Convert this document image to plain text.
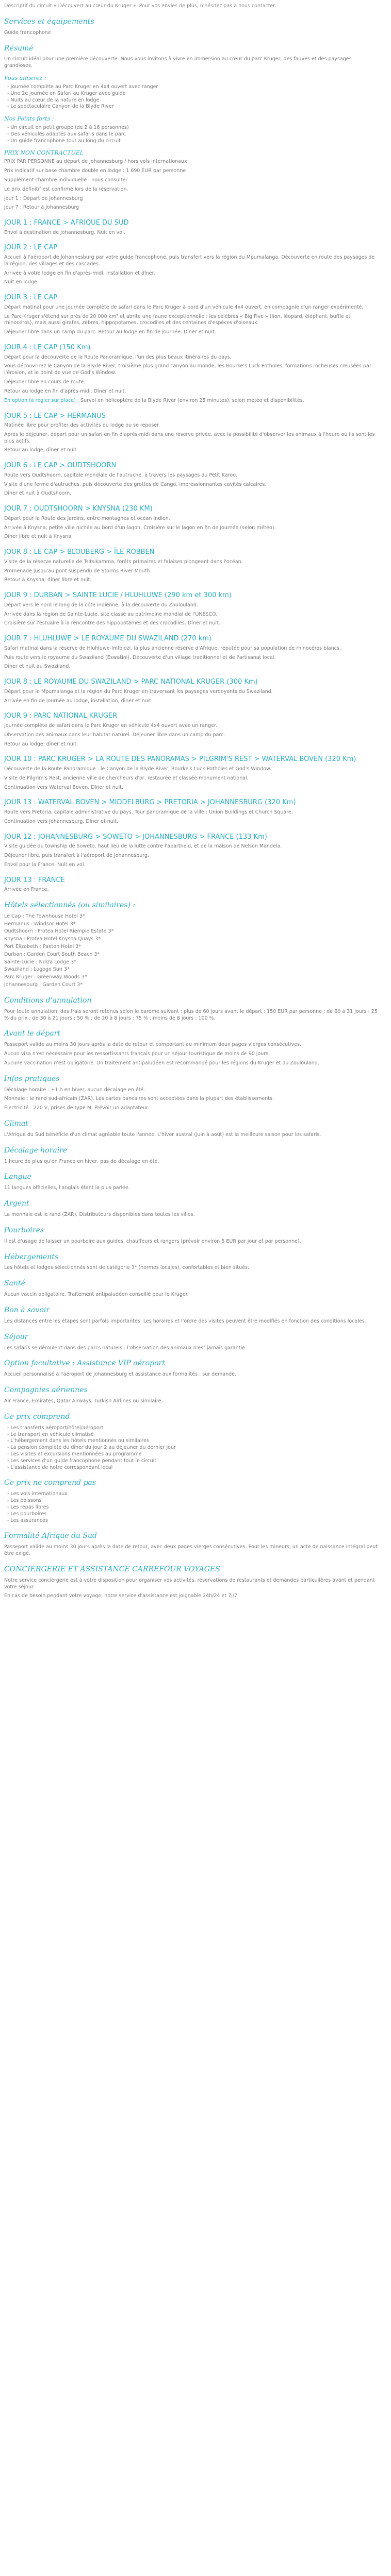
Descriptif du circuit « Découvert au cœur du Kruger ». Pour vos envies de plus, n'hésitez pas à nous contacter.

Services et équipements
Guide francophone
Résumé

Un circuit idéal pour une première découverte. Nous vous invitons à vivre en immersion au cœur du parc Kruger, des fauves et des paysages grandioses.

Vous aimerez :
- Journée complète au Parc Kruger en 4x4 ouvert avec ranger
- Une 2e journée en Safari au Kruger avec guide
- Nuits au cœur de la nature en lodge
- Le spectaculaire Canyon de la Blyde River
Nos Points forts :
- Un circuit en petit groupe (de 2 à 16 personnes)
- Des véhicules adaptés aux safaris dans le parc
- Un guide francophone tout au long du circuit
PRIX NON CONTRACTUEL

PRIX PAR PERSONNE au départ de Johannesburg / hors vols internationaux

Prix indicatif sur base chambre double en lodge : 1 690 EUR par personne

Supplément chambre individuelle : nous consulter

Le prix définitif est confirmé lors de la réservation.

Jour 1 : Départ de Johannesburg

Jour 7 : Retour à Johannesburg

JOUR 1 : FRANCE > AFRIQUE DU SUD

Envol à destination de Johannesburg. Nuit en vol.

JOUR 2 : LE CAP

Accueil à l'aéroport de Johannesburg par votre guide francophone, puis transfert vers la région du Mpumalanga. Découverte en route des paysages de la région, des villages et des cascades.

Arrivée à votre lodge en fin d'après-midi, installation et dîner.

Nuit en lodge.

JOUR 3 : LE CAP

Départ matinal pour une journée complète de safari dans le Parc Kruger à bord d'un véhicule 4x4 ouvert, en compagnie d'un ranger expérimenté.

Le Parc Kruger s'étend sur près de 20 000 km² et abrite une faune exceptionnelle : les célèbres « Big Five » (lion, léopard, éléphant, buffle et rhinocéros), mais aussi girafes, zèbres, hippopotames, crocodiles et des centaines d'espèces d'oiseaux.

Déjeuner libre dans un camp du parc. Retour au lodge en fin de journée. Dîner et nuit.

JOUR 4 : LE CAP (150 Km)

Départ pour la découverte de la Route Panoramique, l'un des plus beaux itinéraires du pays.

Vous découvrirez le Canyon de la Blyde River, troisième plus grand canyon au monde, les Bourke's Luck Potholes, formations rocheuses creusées par l'érosion, et le point de vue de God's Window.

Déjeuner libre en cours de route.

Retour au lodge en fin d'après-midi. Dîner et nuit.

En option (à régler sur place) : Survol en hélicoptère de la Blyde River (environ 25 minutes), selon météo et disponibilités.

JOUR 5 : LE CAP > HERMANUS

Matinée libre pour profiter des activités du lodge ou se reposer.

Après le déjeuner, départ pour un safari en fin d'après-midi dans une réserve privée, avec la possibilité d'observer les animaux à l'heure où ils sont les plus actifs.

Retour au lodge, dîner et nuit.

JOUR 6 : LE CAP > OUDTSHOORN

Route vers Oudtshoorn, capitale mondiale de l'autruche, à travers les paysages du Petit Karoo.

Visite d'une ferme d'autruches, puis découverte des grottes de Cango, impressionnantes cavités calcaires.

Dîner et nuit à Oudtshoorn.

JOUR 7 : OUDTSHOORN > KNYSNA (230 KM)

Départ pour la Route des Jardins, entre montagnes et océan Indien.

Arrivée à Knysna, petite ville nichée au bord d'un lagon. Croisière sur le lagon en fin de journée (selon météo).

Dîner libre et nuit à Knysna.

JOUR 8 : LE CAP > BLOUBERG > ÎLE ROBBEN

Visite de la réserve naturelle de Tsitsikamma, forêts primaires et falaises plongeant dans l'océan.

Promenade jusqu'au pont suspendu de Storms River Mouth.

Retour à Knysna, dîner libre et nuit.

JOUR 9 : DURBAN > SAINTE LUCIE / HLUHLUWE (290 km et 300 km)

Départ vers le nord le long de la côte indienne, à la découverte du Zoulouland.

Arrivée dans la région de Sainte-Lucie, site classé au patrimoine mondial de l'UNESCO.

Croisière sur l'estuaire à la rencontre des hippopotames et des crocodiles. Dîner et nuit.

JOUR 7 : HLUHLUWE > LE ROYAUME DU SWAZILAND (270 km)

Safari matinal dans la réserve de Hluhluwe-Imfolozi, la plus ancienne réserve d'Afrique, réputée pour sa population de rhinocéros blancs.

Puis route vers le royaume du Swaziland (Eswatini). Découverte d'un village traditionnel et de l'artisanat local.

Dîner et nuit au Swaziland.

JOUR 8 : LE ROYAUME DU SWAZILAND > PARC NATIONAL KRUGER (300 Km)

Départ pour le Mpumalanga et la région du Parc Kruger en traversant les paysages verdoyants du Swaziland.

Arrivée en fin de journée au lodge, installation, dîner et nuit.

JOUR 9 : PARC NATIONAL KRUGER

Journée complète de safari dans le Parc Kruger en véhicule 4x4 ouvert avec un ranger.

Observation des animaux dans leur habitat naturel. Déjeuner libre dans un camp du parc.

Retour au lodge, dîner et nuit.

JOUR 10 : PARC KRUGER > LA ROUTE DES PANORAMAS > PILGRIM'S REST > WATERVAL BOVEN (320 Km)

Découverte de la Route Panoramique : le Canyon de la Blyde River, Bourke's Luck Potholes et God's Window.

Visite de Pilgrim's Rest, ancienne ville de chercheurs d'or, restaurée et classée monument national.

Continuation vers Waterval Boven. Dîner et nuit.

JOUR 13 : WATERVAL BOVEN > MIDDELBURG > PRETORIA > JOHANNESBURG (320 Km)

Route vers Pretoria, capitale administrative du pays. Tour panoramique de la ville : Union Buildings et Church Square.

Continuation vers Johannesburg. Dîner et nuit.

JOUR 12 : JOHANNESBURG > SOWETO > JOHANNESBURG > FRANCE (133 Km)

Visite guidée du township de Soweto, haut lieu de la lutte contre l'apartheid, et de la maison de Nelson Mandela.

Déjeuner libre, puis transfert à l'aéroport de Johannesburg.

Envol pour la France. Nuit en vol.

JOUR 13 : FRANCE

Arrivée en France.

Hôtels sélectionnés (ou similaires) :
Le Cap : The Townhouse Hotel 3*
Hermanus : Windsor Hotel 3*
Oudtshoorn : Protea Hotel Riempie Estate 3*
Knysna : Protea Hotel Knysna Quays 3*
Port Elizabeth : Paxton Hotel 3*
Durban : Garden Court South Beach 3*
Sainte-Lucie : Ndiza Lodge 3*
Swaziland : Lugogo Sun 3*
Parc Kruger : Greenway Woods 3*
Johannesburg : Garden Court 3*
Conditions d'annulation

Pour toute annulation, des frais seront retenus selon le barème suivant : plus de 60 jours avant le départ : 150 EUR par personne ; de 60 à 31 jours : 25 % du prix ; de 30 à 21 jours : 50 % ; de 20 à 8 jours : 75 % ; moins de 8 jours : 100 %.

Avant le départ

Passeport valide au moins 30 jours après la date de retour et comportant au minimum deux pages vierges consécutives.

Aucun visa n'est nécessaire pour les ressortissants français pour un séjour touristique de moins de 90 jours.

Aucune vaccination n'est obligatoire. Un traitement antipaludéen est recommandé pour les régions du Kruger et du Zoulouland.

Infos pratiques

Décalage horaire : +1 h en hiver, aucun décalage en été.

Monnaie : le rand sud-africain (ZAR). Les cartes bancaires sont acceptées dans la plupart des établissements.

Électricité : 220 V, prises de type M. Prévoir un adaptateur.

Climat

L'Afrique du Sud bénéficie d'un climat agréable toute l'année. L'hiver austral (juin à août) est la meilleure saison pour les safaris.

Décalage horaire

1 heure de plus qu'en France en hiver, pas de décalage en été.

Langue

11 langues officielles, l'anglais étant la plus parlée.

Argent

La monnaie est le rand (ZAR). Distributeurs disponibles dans toutes les villes.

Pourboires

Il est d'usage de laisser un pourboire aux guides, chauffeurs et rangers (prévoir environ 5 EUR par jour et par personne).

Hébergements

Les hôtels et lodges sélectionnés sont de catégorie 3* (normes locales), confortables et bien situés.

Santé

Aucun vaccin obligatoire. Traitement antipaludéen conseillé pour le Kruger.

Bon à savoir

Les distances entre les étapes sont parfois importantes. Les horaires et l'ordre des visites peuvent être modifiés en fonction des conditions locales.

Séjour

Les safaris se déroulent dans des parcs naturels : l'observation des animaux n'est jamais garantie.

Option facultative : Assistance VIP aéroport

Accueil personnalisé à l'aéroport de Johannesburg et assistance aux formalités : sur demande.

Compagnies aériennes

Air France, Emirates, Qatar Airways, Turkish Airlines ou similaire.

Ce prix comprend
- Les transferts aéroport/hôtel/aéroport
- Le transport en véhicule climatisé
- L'hébergement dans les hôtels mentionnés ou similaires
- La pension complète du dîner du jour 2 au déjeuner du dernier jour
- Les visites et excursions mentionnées au programme
- Les services d'un guide francophone pendant tout le circuit
- L'assistance de notre correspondant local
Ce prix ne comprend pas
- Les vols internationaux
- Les boissons
- Les repas libres
- Les pourboires
- Les assurances
Formalité Afrique du Sud

Passeport valide au moins 30 jours après la date de retour, avec deux pages vierges consécutives. Pour les mineurs, un acte de naissance intégral peut être exigé.

CONCIERGERIE ET ASSISTANCE CARREFOUR VOYAGES

Notre service conciergerie est à votre disposition pour organiser vos activités, réservations de restaurants et demandes particulières avant et pendant votre séjour.

En cas de besoin pendant votre voyage, notre service d'assistance est joignable 24h/24 et 7j/7.
